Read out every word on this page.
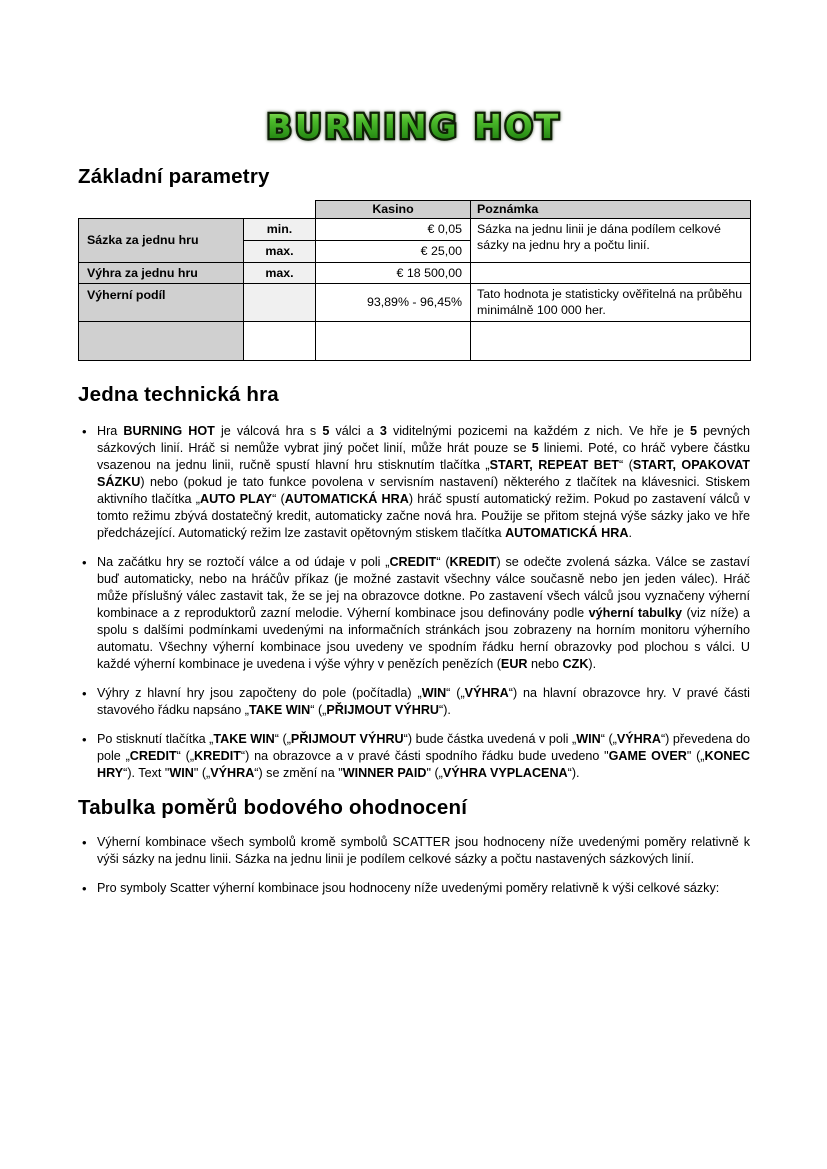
BURNING HOT
Základní parametry
		Kasino	Poznámka
Sázka za jednu hru	min.	€ 0,05	Sázka na jednu linii je dána podílem celkové sázky na jednu hry a počtu linií.
	max.	€ 25,00	
Výhra za jednu hru	max.	€ 18 500,00	
Výherní podíl		93,89% - 96,45%	Tato hodnota je statisticky ověřitelná na průběhu minimálně 100 000 her.

Jedna technická hra
• Hra BURNING HOT je válcová hra s 5 válci a 3 viditelnými pozicemi na každém z nich. Ve hře je 5 pevných sázkových linií. Hráč si nemůže vybrat jiný počet linií, může hrát pouze se 5 liniemi. Poté, co hráč vybere částku vsazenou na jednu linii, ručně spustí hlavní hru stisknutím tlačítka „START, REPEAT BET“ (START, OPAKOVAT SÁZKU) nebo (pokud je tato funkce povolena v servisním nastavení) některého z tlačítek na klávesnici. Stiskem aktivního tlačítka „AUTO PLAY“ (AUTOMATICKÁ HRA) hráč spustí automatický režim. Pokud po zastavení válců v tomto režimu zbývá dostatečný kredit, automaticky začne nová hra. Použije se přitom stejná výše sázky jako ve hře předcházející. Automatický režim lze zastavit opětovným stiskem tlačítka AUTOMATICKÁ HRA.
• Na začátku hry se roztočí válce a od údaje v poli „CREDIT“ (KREDIT) se odečte zvolená sázka. Válce se zastaví buď automaticky, nebo na hráčův příkaz (je možné zastavit všechny válce současně nebo jen jeden válec). Hráč může příslušný válec zastavit tak, že se jej na obrazovce dotkne. Po zastavení všech válců jsou vyznačeny výherní kombinace a z reproduktorů zazní melodie. Výherní kombinace jsou definovány podle výherní tabulky (viz níže) a spolu s dalšími podmínkami uvedenými na informačních stránkách jsou zobrazeny na horním monitoru výherního automatu. Všechny výherní kombinace jsou uvedeny ve spodním řádku herní obrazovky pod plochou s válci. U každé výherní kombinace je uvedena i výše výhry v penězích penězích (EUR nebo CZK).
• Výhry z hlavní hry jsou započteny do pole (počítadla) „WIN“ („VÝHRA“) na hlavní obrazovce hry. V pravé části stavového řádku napsáno „TAKE WIN“ („PŘIJMOUT VÝHRU“).
• Po stisknutí tlačítka „TAKE WIN“ („PŘIJMOUT VÝHRU“) bude částka uvedená v poli „WIN“ („VÝHRA“) převedena do pole „CREDIT“ („KREDIT“) na obrazovce a v pravé části spodního řádku bude uvedeno "GAME OVER" („KONEC HRY“). Text "WIN" („VÝHRA“) se změní na "WINNER PAID" („VÝHRA VYPLACENA“).
Tabulka poměrů bodového ohodnocení
• Výherní kombinace všech symbolů kromě symbolů SCATTER jsou hodnoceny níže uvedenými poměry relativně k výši sázky na jednu linii. Sázka na jednu linii je podílem celkové sázky a počtu nastavených sázkových linií.
• Pro symboly Scatter výherní kombinace jsou hodnoceny níže uvedenými poměry relativně k výši celkové sázky:
